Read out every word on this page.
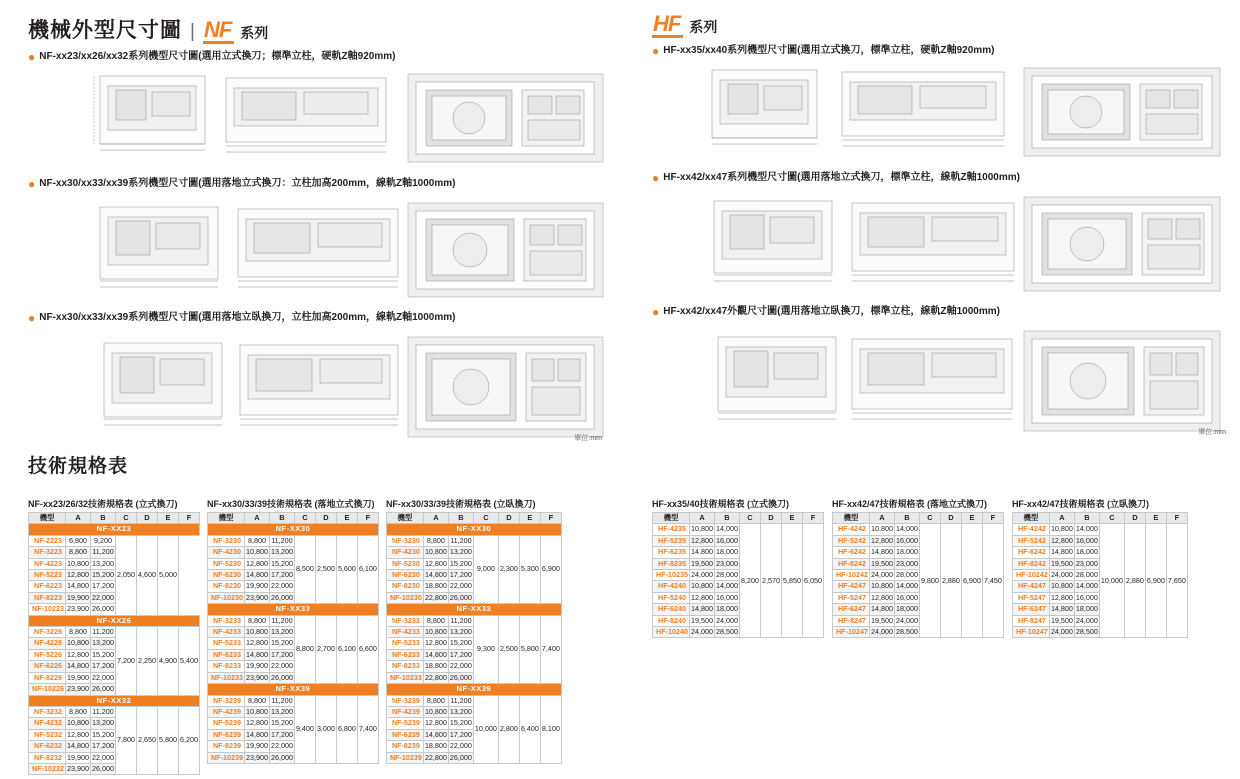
機械外型尺寸圖 | NF 系列
● NF-xx23/xx26/xx32系列機型尺寸圖(選用立式換刀；標準立柱，硬軌Z軸920mm)
● NF-xx30/xx33/xx39系列機型尺寸圖(選用落地立式換刀：立柱加高200mm，線軌Z軸1000mm)
● NF-xx30/xx33/xx39系列機型尺寸圖(選用落地立臥換刀，立柱加高200mm，線軌Z軸1000mm)
單位:mm
技術規格表
HF 系列
● HF-xx35/xx40系列機型尺寸圖(選用立式換刀，標準立柱，硬軌Z軸920mm)
● HF-xx42/xx47系列機型尺寸圖(選用落地立式換刀，標準立柱，線軌Z軸1000mm)
● HF-xx42/xx47外觀尺寸圖(選用落地立臥換刀，標準立柱，線軌Z軸1000mm)
單位:mm
NF-xx23/26/32技術規格表 (立式換刀)
機型	A	B	C	D	E	F
NF-XX23						
NF-2223	6,800	9,200	2,050	4,600	5,000	
NF-3223	8,800	11,200				
NF-4223	10,800	13,200				
NF-5223	12,800	15,200				
NF-6223	14,800	17,200				
NF-8223	19,900	22,000				
NF-10223	23,900	26,000				
NF-XX26						
NF-3226	8,800	11,200	7,200	2,250	4,900	5,400
NF-4226	10,800	13,200				
NF-5226	12,800	15,200				
NF-6226	14,800	17,200				
NF-8226	19,900	22,000				
NF-10226	23,900	26,000				
NF-XX32						
NF-3232	8,800	11,200	7,800	2,650	5,800	6,200
NF-4232	10,800	13,200				
NF-5232	12,800	15,200				
NF-6232	14,800	17,200				
NF-8232	19,900	22,000				
NF-10232	23,900	26,000				
NF-xx30/33/39技術規格表 (落地立式換刀)
機型	A	B	C	D	E	F
NF-XX30						
NF-3230	8,800	11,200	8,500	2,500	5,600	6,100
NF-4230	10,800	13,200				
NF-5230	12,800	15,200				
NF-6230	14,800	17,200				
NF-8230	19,900	22,000				
NF-10230	23,900	26,000				
NF-XX33						
NF-3233	8,800	11,200	8,800	2,700	6,100	6,600
NF-4233	10,800	13,200				
NF-5233	12,800	15,200				
NF-6233	14,800	17,200				
NF-8233	19,900	22,000				
NF-10233	23,900	26,000				
NF-XX39						
NF-3239	8,800	11,200	9,400	3,000	6,800	7,400
NF-4239	10,800	13,200				
NF-5239	12,800	15,200				
NF-6239	14,800	17,200				
NF-8239	19,900	22,000				
NF-10239	23,900	26,000				
NF-xx30/33/39技術規格表 (立臥換刀)
機型	A	B	C	D	E	F
NF-XX30						
NF-3230	8,800	11,200	9,000	2,300	5,300	6,900
NF-4230	10,800	13,200				
NF-5230	12,800	15,200				
NF-6230	14,800	17,200				
NF-8230	18,800	22,000				
NF-10230	22,800	26,000				
NF-XX33						
NF-3233	8,800	11,200	9,300	2,500	5,800	7,400
NF-4233	10,800	13,200				
NF-5233	12,800	15,200				
NF-6233	14,800	17,200				
NF-8233	18,800	22,000				
NF-10233	22,800	26,000				
NF-XX39						
NF-3239	8,800	11,200	10,000	2,800	6,400	8,100
NF-4239	10,800	13,200				
NF-5239	12,800	15,200				
NF-6239	14,800	17,200				
NF-8239	18,800	22,000				
NF-10239	22,800	26,000				
HF-xx35/40技術規格表 (立式換刀)
機型	A	B	C	D	E	F
HF-4235	10,800	14,000	8,200	2,570	5,850	6,050
HF-5235	12,800	16,000				
HF-6235	14,800	18,000				
HF-8235	19,500	23,000				
HF-10235	24,000	28,000				
HF-4240	10,800	14,000				
HF-5240	12,800	16,000				
HF-6240	14,800	18,000				
HF-8240	19,500	24,000				
HF-10240	24,000	28,500				
HF-xx42/47技術規格表 (落地立式換刀)
機型	A	B	C	D	E	F
HF-4242	10,800	14,000	9,800	2,880	6,900	7,450
HF-5242	12,800	16,000				
HF-6242	14,800	18,000				
HF-8242	19,500	23,000				
HF-10242	24,000	28,000				
HF-4247	10,800	14,000				
HF-5247	12,800	16,000				
HF-6247	14,800	18,000				
HF-8247	19,500	24,000				
HF-10247	24,000	28,500				
HF-xx42/47技術規格表 (立臥換刀)
機型	A	B	C	D	E	F
HF-4242	10,800	14,000	10,000	2,880	6,900	7,650
HF-5242	12,800	16,000				
HF-6242	14,800	18,000				
HF-8242	19,500	23,000				
HF-10242	24,000	28,000				
HF-4247	10,800	14,000				
HF-5247	12,800	16,000				
HF-6247	14,800	18,000				
HF-8247	19,500	24,000				
HF-10247	24,000	28,500				
